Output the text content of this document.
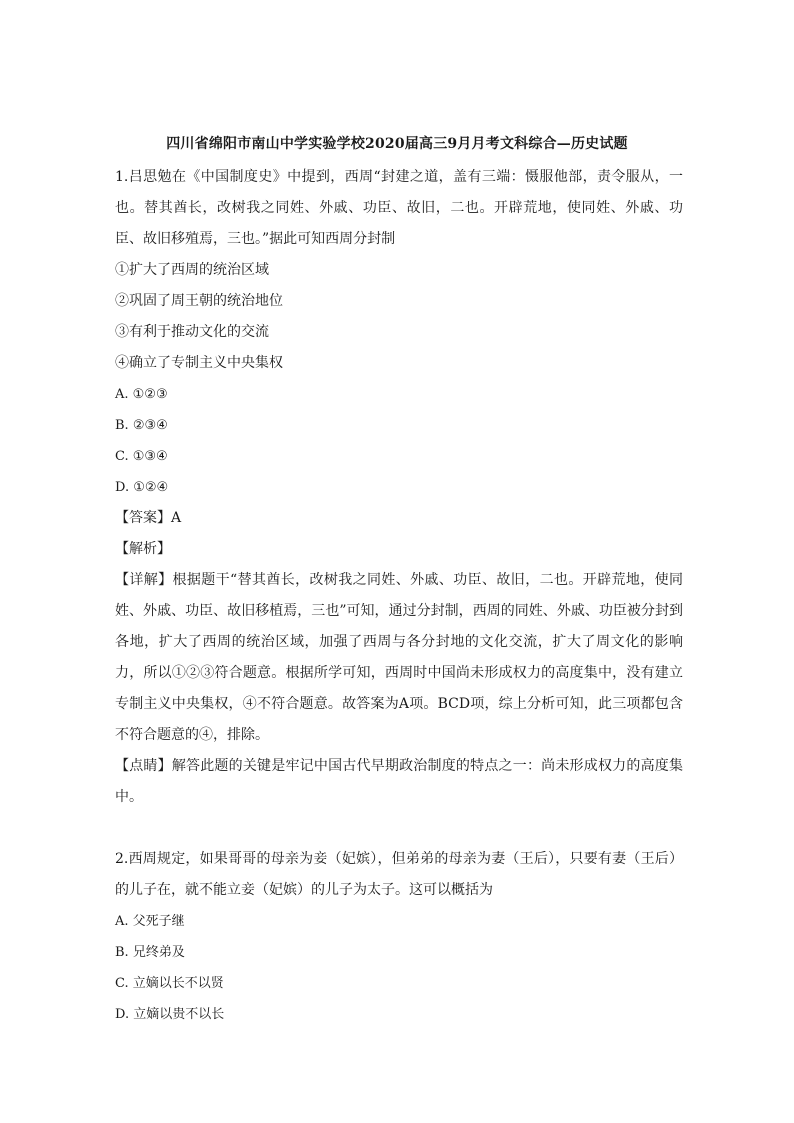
四川省绵阳市南山中学实验学校2020届高三9月月考文科综合—历史试题

1.吕思勉在《中国制度史》中提到，西周“封建之道，盖有三端：慑服他部，责令服从，一也。替其酋长，改树我之同姓、外戚、功臣、故旧，二也。开辟荒地，使同姓、外戚、功臣、故旧移殖焉，三也。”据此可知西周分封制

①扩大了西周的统治区域

②巩固了周王朝的统治地位

③有利于推动文化的交流

④确立了专制主义中央集权

A. ①②③

B. ②③④

C. ①③④

D. ①②④

【答案】A

【解析】

【详解】根据题干“替其酋长，改树我之同姓、外戚、功臣、故旧，二也。开辟荒地，使同姓、外戚、功臣、故旧移植焉，三也”可知，通过分封制，西周的同姓、外戚、功臣被分封到各地，扩大了西周的统治区域，加强了西周与各分封地的文化交流，扩大了周文化的影响力，所以①②③符合题意。根据所学可知，西周时中国尚未形成权力的高度集中，没有建立专制主义中央集权，④不符合题意。故答案为A项。BCD项，综上分析可知，此三项都包含不符合题意的④，排除。

【点睛】解答此题的关键是牢记中国古代早期政治制度的特点之一：尚未形成权力的高度集中。

2.西周规定，如果哥哥的母亲为妾（妃嫔），但弟弟的母亲为妻（王后），只要有妻（王后）的儿子在，就不能立妾（妃嫔）的儿子为太子。这可以概括为

A. 父死子继

B. 兄终弟及

C. 立嫡以长不以贤

D. 立嫡以贵不以长
